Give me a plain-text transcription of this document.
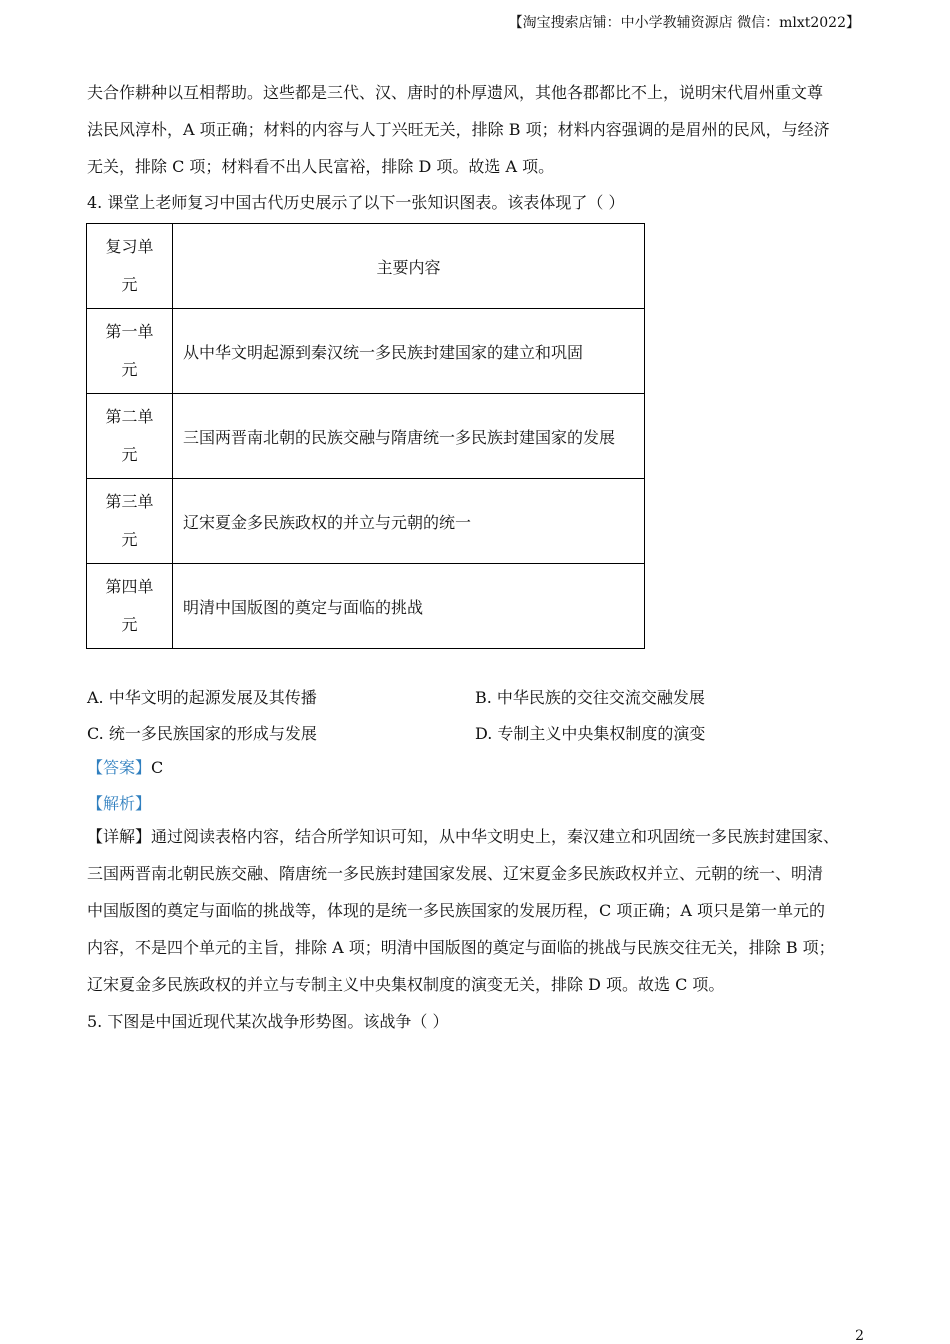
【淘宝搜索店铺：中小学教辅资源店 微信：mlxt2022】
夫合作耕种以互相帮助。这些都是三代、汉、唐时的朴厚遗风，其他各郡都比不上，说明宋代眉州重文尊
法民风淳朴，A 项正确；材料的内容与人丁兴旺无关，排除 B 项；材料内容强调的是眉州的民风，与经济
无关，排除 C 项；材料看不出人民富裕，排除 D 项。故选 A 项。
4. 课堂上老师复习中国古代历史展示了以下一张知识图表。该表体现了（ ）
复习单元	主要内容

第一单元	从中华文明起源到秦汉统一多民族封建国家的建立和巩固

第二单元	三国两晋南北朝的民族交融与隋唐统一多民族封建国家的发展

第三单元	辽宋夏金多民族政权的并立与元朝的统一

第四单元	明清中国版图的奠定与面临的挑战
A. 中华文明的起源发展及其传播	B. 中华民族的交往交流交融发展
C. 统一多民族国家的形成与发展	D. 专制主义中央集权制度的演变
【答案】C
【解析】
【详解】通过阅读表格内容，结合所学知识可知，从中华文明史上，秦汉建立和巩固统一多民族封建国家、
三国两晋南北朝民族交融、隋唐统一多民族封建国家发展、辽宋夏金多民族政权并立、元朝的统一、明清
中国版图的奠定与面临的挑战等，体现的是统一多民族国家的发展历程，C 项正确；A 项只是第一单元的
内容，不是四个单元的主旨，排除 A 项；明清中国版图的奠定与面临的挑战与民族交往无关，排除 B 项；
辽宋夏金多民族政权的并立与专制主义中央集权制度的演变无关，排除 D 项。故选 C 项。
5. 下图是中国近现代某次战争形势图。该战争（ ）
2
